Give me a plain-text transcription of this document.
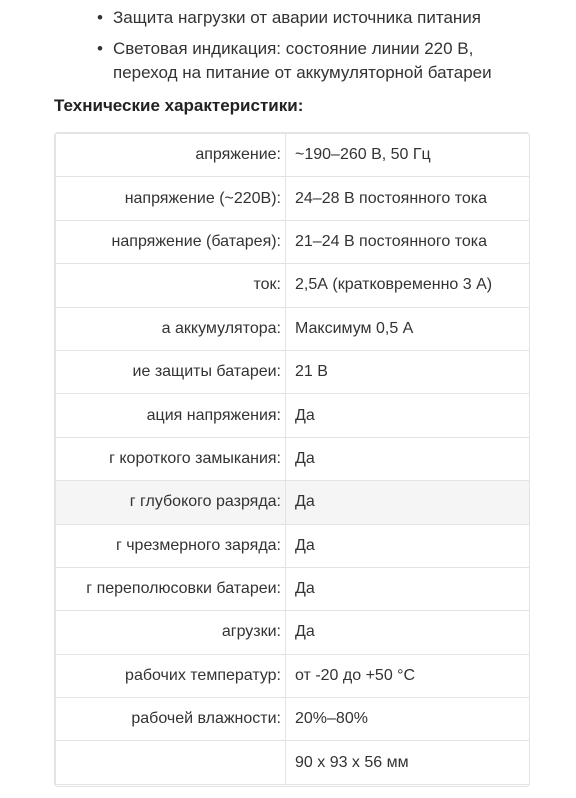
• Защита нагрузки от аварии источника питания
• Световая индикация: состояние линии 220 В,
переход на питание от аккумуляторной батареи
Технические характеристики:
апряжение:	~190–260 В, 50 Гц

напряжение (~220В):	24–28 В постоянного тока

напряжение (батарея):	21–24 В постоянного тока

ток:	2,5А (кратковременно 3 А)

а аккумулятора:	Максимум 0,5 А

ие защиты батареи:	21 В

ация напряжения:	Да

г короткого замыкания:	Да

г глубокого разряда:	Да

г чрезмерного заряда:	Да

г переполюсовки батареи:	Да

агрузки:	Да

рабочих температур:	от -20 до +50 °С

рабочей влажности:	20%–80%

	90 х 93 х 56 мм
